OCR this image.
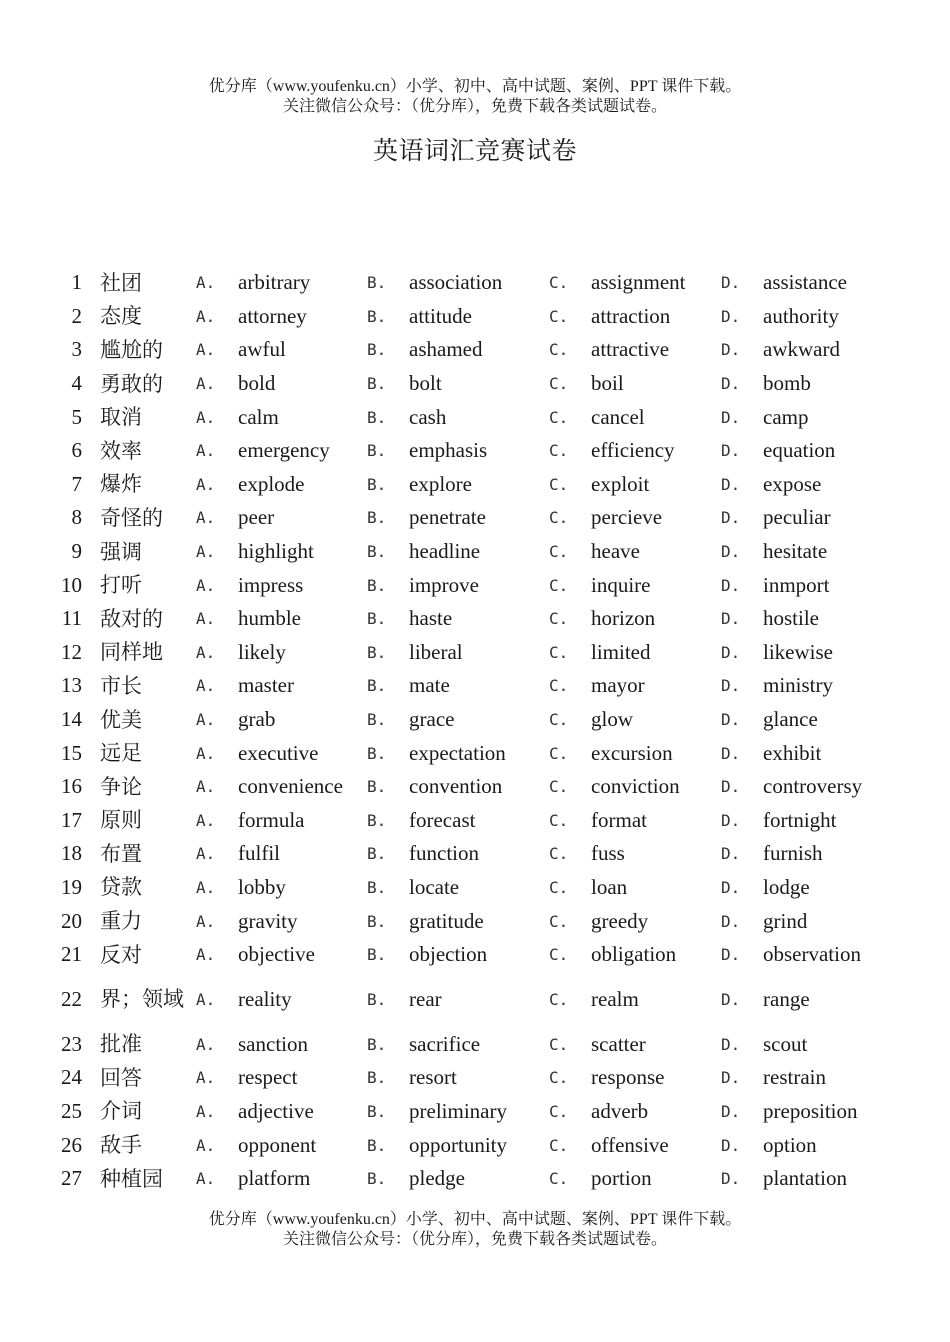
优分库（www.youfenku.cn）小学、初中、高中试题、案例、PPT 课件下载。
关注微信公众号：（优分库），免费下载各类试题试卷。
英语词汇竞赛试卷
1	社团	A.	arbitrary	B.	association	C.	assignment	D.	assistance
2	态度	A.	attorney	B.	attitude	C.	attraction	D.	authority
3	尴尬的	A.	awful	B.	ashamed	C.	attractive	D.	awkward
4	勇敢的	A.	bold	B.	bolt	C.	boil	D.	bomb
5	取消	A.	calm	B.	cash	C.	cancel	D.	camp
6	效率	A.	emergency	B.	emphasis	C.	efficiency	D.	equation
7	爆炸	A.	explode	B.	explore	C.	exploit	D.	expose
8	奇怪的	A.	peer	B.	penetrate	C.	percieve	D.	peculiar
9	强调	A.	highlight	B.	headline	C.	heave	D.	hesitate
10	打听	A.	impress	B.	improve	C.	inquire	D.	inmport
11	敌对的	A.	humble	B.	haste	C.	horizon	D.	hostile
12	同样地	A.	likely	B.	liberal	C.	limited	D.	likewise
13	市长	A.	master	B.	mate	C.	mayor	D.	ministry
14	优美	A.	grab	B.	grace	C.	glow	D.	glance
15	远足	A.	executive	B.	expectation	C.	excursion	D.	exhibit
16	争论	A.	convenience	B.	convention	C.	conviction	D.	controversy
17	原则	A.	formula	B.	forecast	C.	format	D.	fortnight
18	布置	A.	fulfil	B.	function	C.	fuss	D.	furnish
19	贷款	A.	lobby	B.	locate	C.	loan	D.	lodge
20	重力	A.	gravity	B.	gratitude	C.	greedy	D.	grind
21	反对	A.	objective	B.	objection	C.	obligation	D.	observation
22	界；领域	A.	reality	B.	rear	C.	realm	D.	range
23	批准	A.	sanction	B.	sacrifice	C.	scatter	D.	scout
24	回答	A.	respect	B.	resort	C.	response	D.	restrain
25	介词	A.	adjective	B.	preliminary	C.	adverb	D.	preposition
26	敌手	A.	opponent	B.	opportunity	C.	offensive	D.	option
27	种植园	A.	platform	B.	pledge	C.	portion	D.	plantation
优分库（www.youfenku.cn）小学、初中、高中试题、案例、PPT 课件下载。
关注微信公众号：（优分库），免费下载各类试题试卷。
